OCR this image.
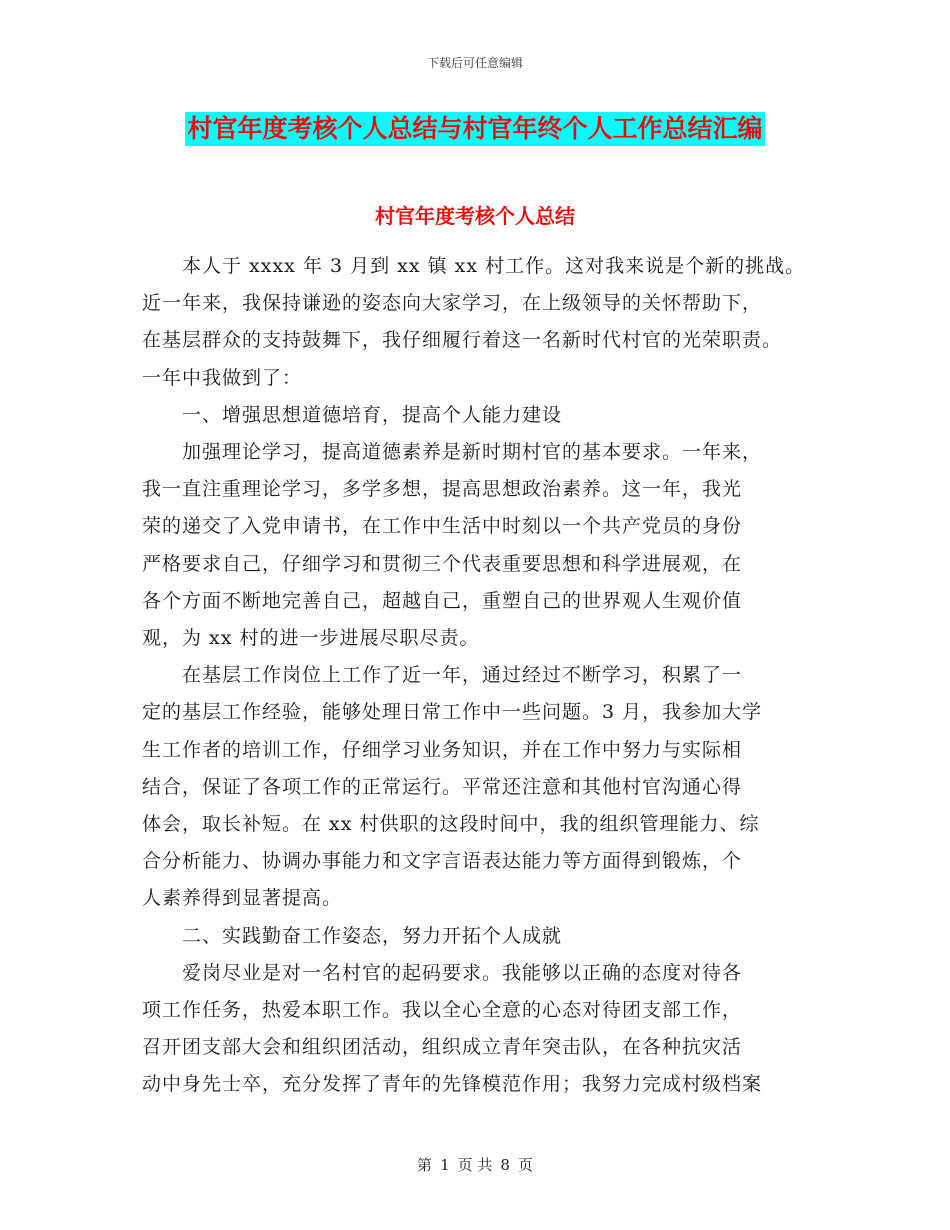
下载后可任意编辑
村官年度考核个人总结与村官年终个人工作总结汇编
村官年度考核个人总结

　　本人于 xxxx 年 3 月到 xx 镇 xx 村工作。这对我来说是个新的挑战。

近一年来，我保持谦逊的姿态向大家学习，在上级领导的关怀帮助下，

在基层群众的支持鼓舞下，我仔细履行着这一名新时代村官的光荣职责。

一年中我做到了：

　　一、增强思想道德培育，提高个人能力建设

　　加强理论学习，提高道德素养是新时期村官的基本要求。一年来，

我一直注重理论学习，多学多想，提高思想政治素养。这一年，我光

荣的递交了入党申请书，在工作中生活中时刻以一个共产党员的身份

严格要求自己，仔细学习和贯彻三个代表重要思想和科学进展观，在

各个方面不断地完善自己，超越自己，重塑自己的世界观人生观价值

观，为 xx 村的进一步进展尽职尽责。

　　在基层工作岗位上工作了近一年，通过经过不断学习，积累了一

定的基层工作经验，能够处理日常工作中一些问题。3 月，我参加大学

生工作者的培训工作，仔细学习业务知识，并在工作中努力与实际相

结合，保证了各项工作的正常运行。平常还注意和其他村官沟通心得

体会，取长补短。在 xx 村供职的这段时间中，我的组织管理能力、综

合分析能力、协调办事能力和文字言语表达能力等方面得到锻炼，个

人素养得到显著提高。

　　二、实践勤奋工作姿态，努力开拓个人成就

　　爱岗尽业是对一名村官的起码要求。我能够以正确的态度对待各

项工作任务，热爱本职工作。我以全心全意的心态对待团支部工作，

召开团支部大会和组织团活动，组织成立青年突击队，在各种抗灾活

动中身先士卒，充分发挥了青年的先锋模范作用；我努力完成村级档案

第 1 页 共 8 页
